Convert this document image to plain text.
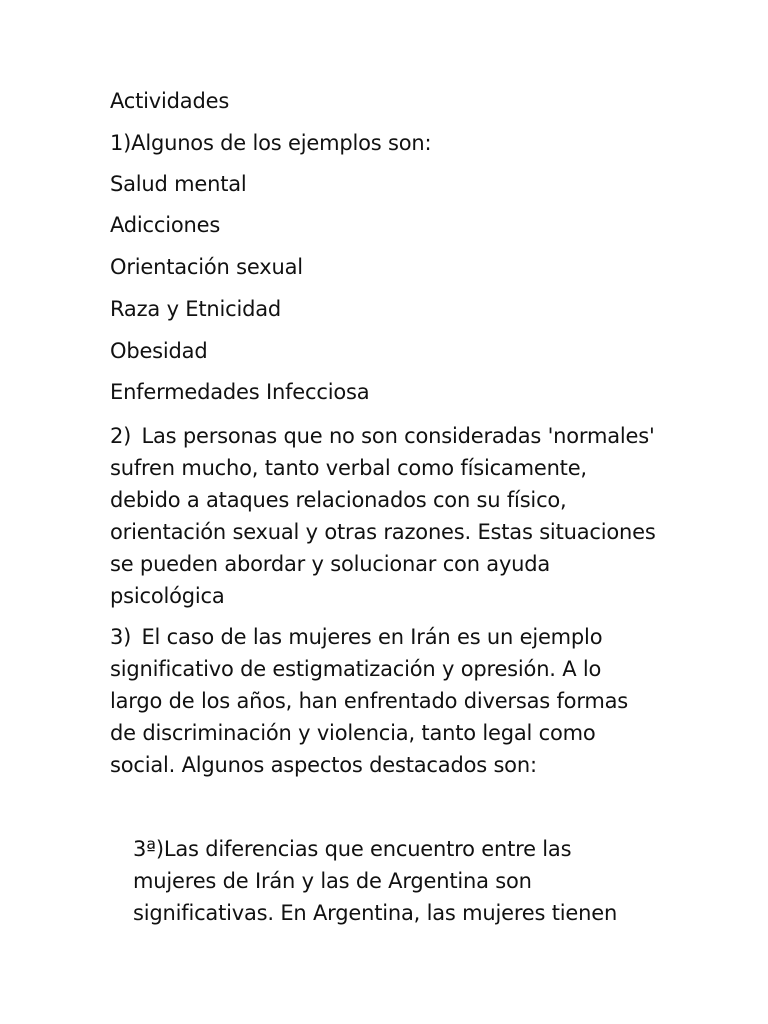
Actividades

1)Algunos de los ejemplos son:

Salud mental

Adicciones

Orientación sexual

Raza y Etnicidad

Obesidad

Enfermedades Infecciosa

2) Las personas que no son consideradas 'normales'

sufren mucho, tanto verbal como físicamente,

debido a ataques relacionados con su físico,

orientación sexual y otras razones. Estas situaciones

se pueden abordar y solucionar con ayuda

psicológica

3) El caso de las mujeres en Irán es un ejemplo

significativo de estigmatización y opresión. A lo

largo de los años, han enfrentado diversas formas

de discriminación y violencia, tanto legal como

social. Algunos aspectos destacados son:

3ª)Las diferencias que encuentro entre las

mujeres de Irán y las de Argentina son

significativas. En Argentina, las mujeres tienen
